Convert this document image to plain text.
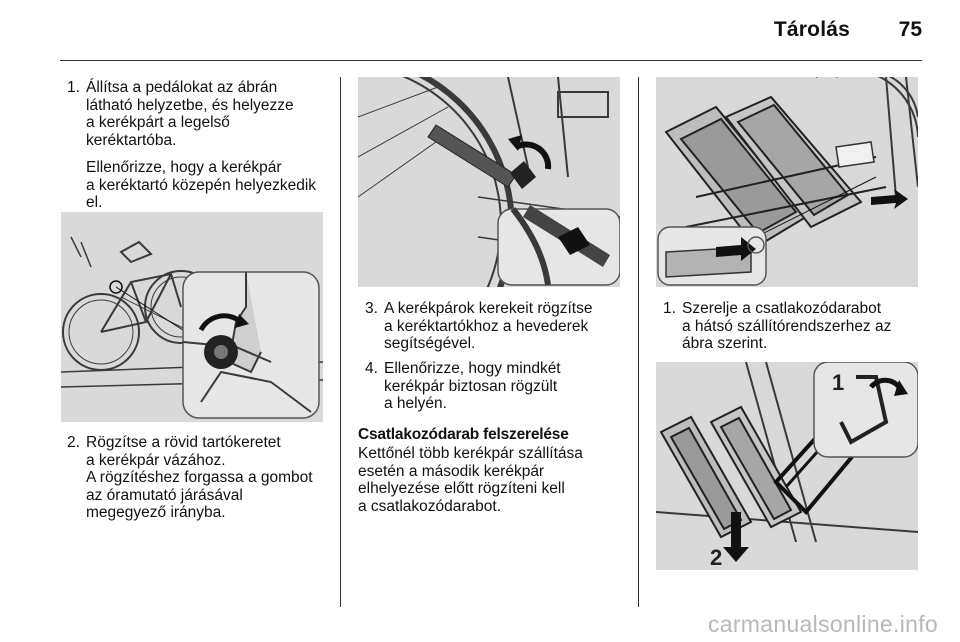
Tárolás 75
1. Állítsa a pedálokat az ábrán

látható helyzetbe, és helyezze

a kerékpárt a legelső

keréktartóba.

Ellenőrizze, hogy a kerékpár

a keréktartó közepén helyezkedik

el.

2. Rögzítse a rövid tartókeretet

a kerékpár vázához.

A rögzítéshez forgassa a gombot

az óramutató járásával

megegyező irányba.

3. A kerékpárok kerekeit rögzítse

a keréktartókhoz a hevederek

segítségével.

4. Ellenőrizze, hogy mindkét

kerékpár biztosan rögzült

a helyén.

Csatlakozódarab felszerelése

Kettőnél több kerékpár szállítása

esetén a második kerékpár

elhelyezése előtt rögzíteni kell

a csatlakozódarabot.

1. Szerelje a csatlakozódarabot

a hátsó szállítórendszerhez az

ábra szerint.

1
2
carmanualsonline.info
